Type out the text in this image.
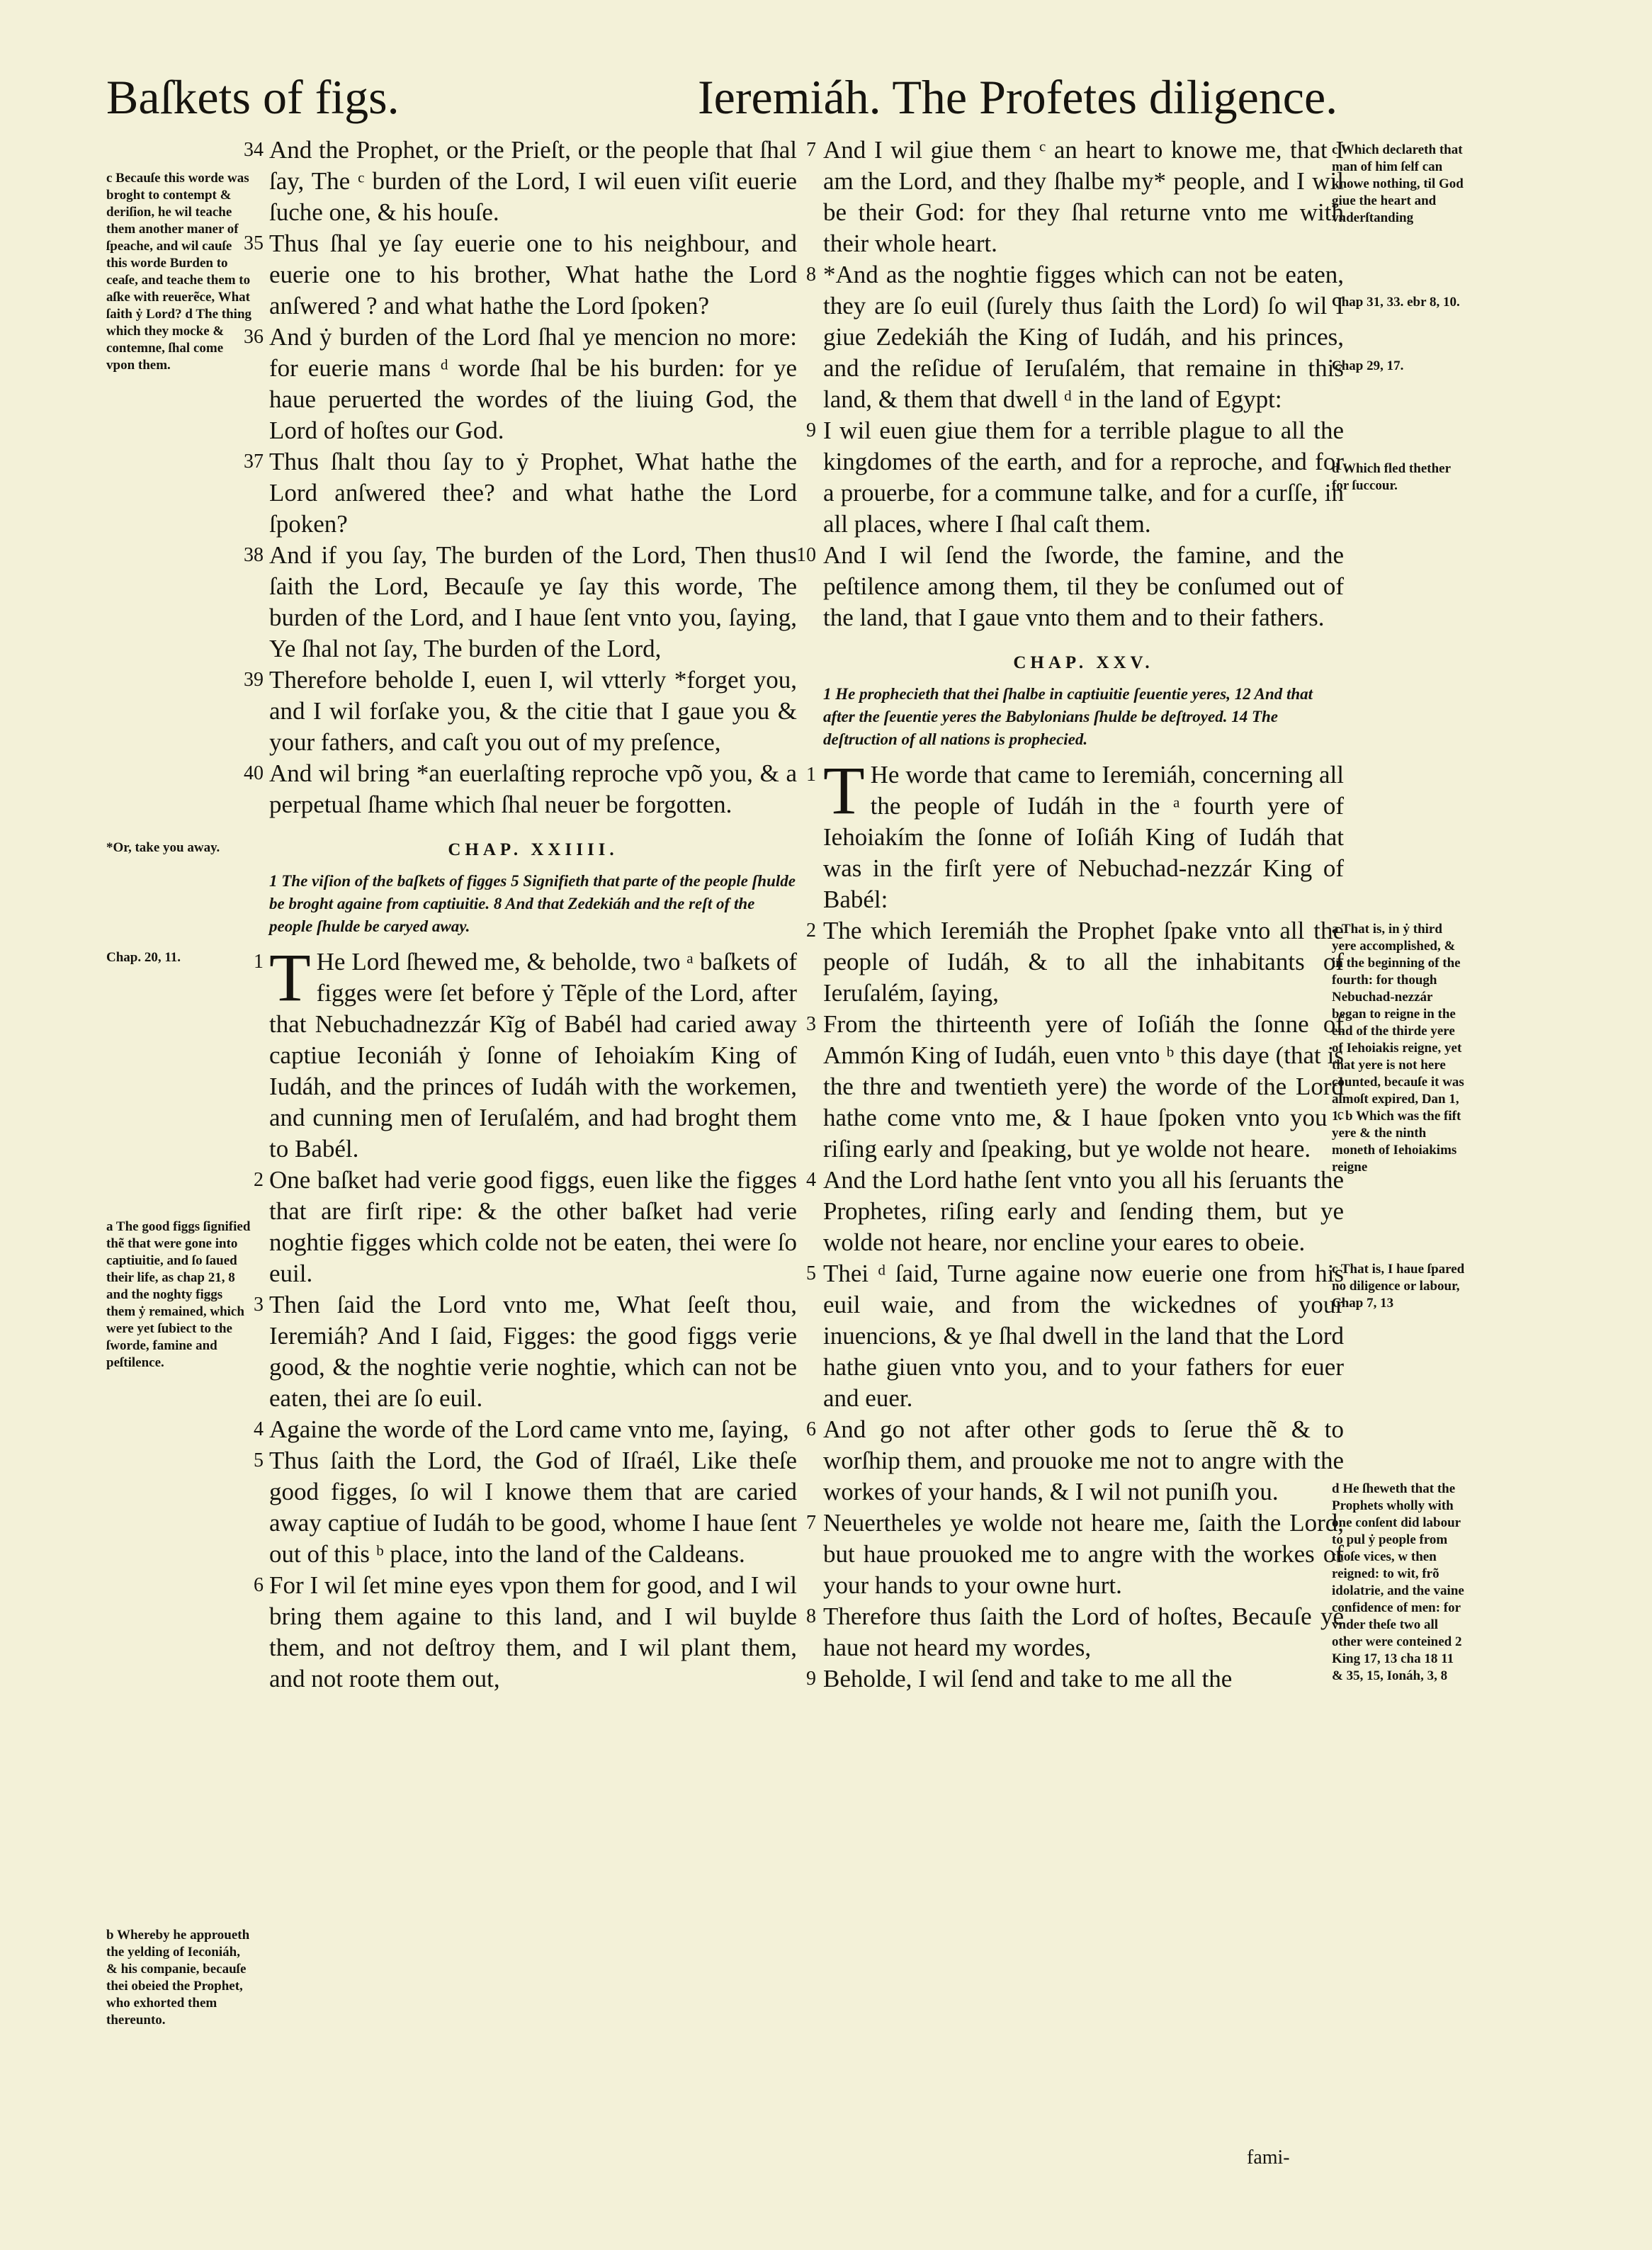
Baſkets of figs.	Ieremiáh. The Profetes diligence.
c Becauſe this worde was broght to contempt & deriſion, he wil teache them another maner of ſpeache, and wil cauſe this worde Burden to ceaſe, and teache them to aſke with reuerẽce, What ſaith ẏ Lord? d The thing which they mocke & contemne, ſhal come vpon them.
*Or, take you away.
Chap. 20, 11.
a The good figgs ſignified thẽ that were gone into captiuitie, and ſo ſaued their life, as chap 21, 8 and the noghty figgs them ẏ remained, which were yet ſubiect to the ſworde, famine and peſtilence.
b Whereby he approueth the yelding of Ieconiáh, & his companie, becauſe thei obeied the Prophet, who exhorted them thereunto.

34 And the Prophet, or the Prieſt, or the people that ſhal ſay, The ᶜ burden of the Lord, I wil euen viſit euerie ſuche one, & his houſe.

35 Thus ſhal ye ſay euerie one to his neighbour, and euerie one to his brother, What hathe the Lord anſwered ? and what hathe the Lord ſpoken?

36 And ẏ burden of the Lord ſhal ye mencion no more: for euerie mans ᵈ worde ſhal be his burden: for ye haue peruerted the wordes of the liuing God, the Lord of hoſtes our God.

37 Thus ſhalt thou ſay to ẏ Prophet, What hathe the Lord anſwered thee? and what hathe the Lord ſpoken?

38 And if you ſay, The burden of the Lord, Then thus ſaith the Lord, Becauſe ye ſay this worde, The burden of the Lord, and I haue ſent vnto you, ſaying, Ye ſhal not ſay, The burden of the Lord,

39 Therefore beholde I, euen I, wil vtterly *forget you, and I wil forſake you, & the citie that I gaue you & your fathers, and caſt you out of my preſence,

40 And wil bring *an euerlaſting reproche vpõ you, & a perpetual ſhame which ſhal neuer be forgotten.

CHAP. XXIIII.

1 The viſion of the baſkets of figges 5 Signifieth that parte of the people ſhulde be broght againe from captiuitie. 8 And that Zedekiáh and the reſt of the people ſhulde be caryed away.

1 T He Lord ſhewed me, & beholde, two ᵃ baſkets of figges were ſet before ẏ Tẽple of the Lord, after that Nebuchadnezzár Kĩg of Babél had caried away captiue Ieconiáh ẏ ſonne of Iehoiakím King of Iudáh, and the princes of Iudáh with the workemen, and cunning men of Ieruſalém, and had broght them to Babél.

2 One baſket had verie good figgs, euen like the figges that are firſt ripe: & the other baſket had verie noghtie figges which colde not be eaten, thei were ſo euil.

3 Then ſaid the Lord vnto me, What ſeeſt thou, Ieremiáh? And I ſaid, Figges: the good figgs verie good, & the noghtie verie noghtie, which can not be eaten, thei are ſo euil.

4 Againe the worde of the Lord came vnto me, ſaying,

5 Thus ſaith the Lord, the God of Iſraél, Like theſe good figges, ſo wil I knowe them that are caried away captiue of Iudáh to be good, whome I haue ſent out of this ᵇ place, into the land of the Caldeans.

6 For I wil ſet mine eyes vpon them for good, and I wil bring them againe to this land, and I wil buylde them, and not deſtroy them, and I wil plant them, and not roote them out,

7 And I wil giue them ᶜ an heart to knowe me, that I am the Lord, and they ſhalbe my* people, and I wil be their God: for they ſhal returne vnto me with their whole heart.

8 *And as the noghtie figges which can not be eaten, they are ſo euil (ſurely thus ſaith the Lord) ſo wil I giue Zedekiáh the King of Iudáh, and his princes, and the reſidue of Ieruſalém, that remaine in this land, & them that dwell ᵈ in the land of Egypt:

9 I wil euen giue them for a terrible plague to all the kingdomes of the earth, and for a reproche, and for a prouerbe, for a commune talke, and for a curſſe, in all places, where I ſhal caſt them.

10 And I wil ſend the ſworde, the famine, and the peſtilence among them, til they be conſumed out of the land, that I gaue vnto them and to their fathers.

CHAP. XXV.

1 He prophecieth that thei ſhalbe in captiuitie ſeuentie yeres, 12 And that after the ſeuentie yeres the Babylonians ſhulde be deſtroyed. 14 The deſtruction of all nations is prophecied.

1 T He worde that came to Ieremiáh, concerning all the people of Iudáh in the ᵃ fourth yere of Iehoiakím the ſonne of Ioſiáh King of Iudáh that was in the firſt yere of Nebuchad-nezzár King of Babél:

2 The which Ieremiáh the Prophet ſpake vnto all the people of Iudáh, & to all the inhabitants of Ieruſalém, ſaying,

3 From the thirteenth yere of Ioſiáh the ſonne of Ammón King of Iudáh, euen vnto ᵇ this daye (that is the thre and twentieth yere) the worde of the Lord hathe come vnto me, & I haue ſpoken vnto you ᶜ riſing early and ſpeaking, but ye wolde not heare.

4 And the Lord hathe ſent vnto you all his ſeruants the Prophetes, riſing early and ſending them, but ye wolde not heare, nor encline your eares to obeie.

5 Thei ᵈ ſaid, Turne againe now euerie one from his euil waie, and from the wickednes of your inuencions, & ye ſhal dwell in the land that the Lord hathe giuen vnto you, and to your fathers for euer and euer.

6 And go not after other gods to ſerue thẽ & to worſhip them, and prouoke me not to angre with the workes of your hands, & I wil not puniſh you.

7 Neuertheles ye wolde not heare me, ſaith the Lord, but haue prouoked me to angre with the workes of your hands to your owne hurt.

8 Therefore thus ſaith the Lord of hoſtes, Becauſe ye haue not heard my wordes,

9 Beholde, I wil ſend and take to me all the

c Which declareth that man of him ſelf can knowe nothing, til God giue the heart and vnderſtanding
Chap 31, 33. ebr 8, 10.
Chap 29, 17.
d Which fled thether for ſuccour.
a That is, in ẏ third yere accomplished, & in the beginning of the fourth: for though Nebuchad-nezzár began to reigne in the end of the thirde yere of Iehoiakis reigne, yet that yere is not here counted, becauſe it was almoſt expired, Dan 1, 1. b Which was the fift yere & the ninth moneth of Iehoiakims reigne
c That is, I haue ſpared no diligence or labour, Chap 7, 13
d He ſheweth that the Prophets wholly with one conſent did labour to pul ẏ people from thoſe vices, w then reigned: to wit, frõ idolatrie, and the vaine confidence of men: for vnder theſe two all other were conteined 2 King 17, 13 cha 18 11 & 35, 15, Ionáh, 3, 8
fami-
